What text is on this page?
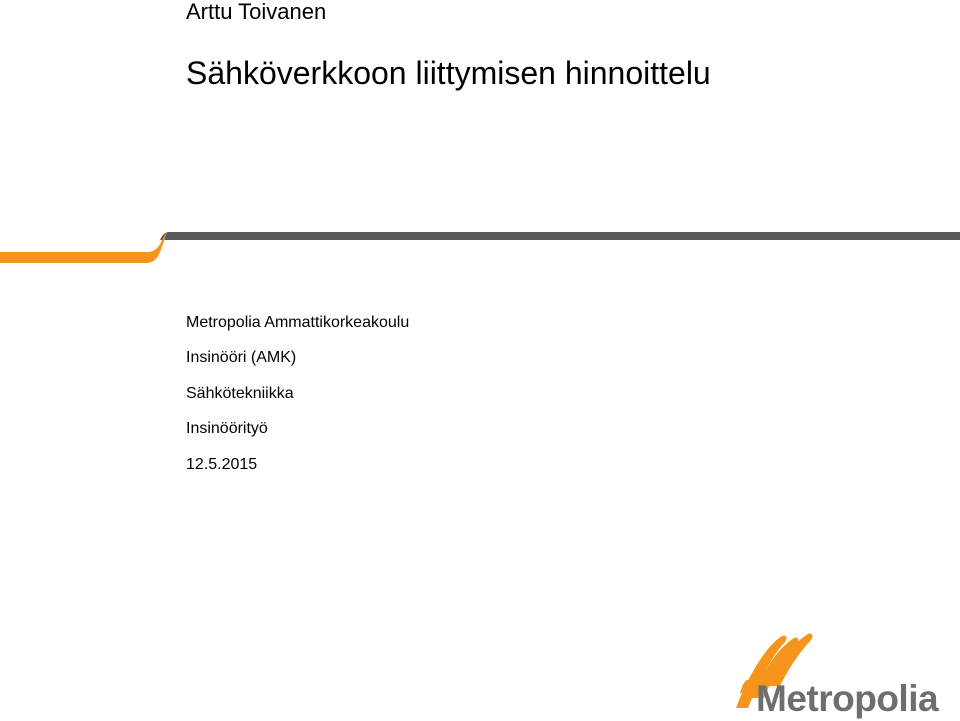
Arttu Toivanen
Sähköverkkoon liittymisen hinnoittelu
Metropolia Ammattikorkeakoulu
Insinööri (AMK)
Sähkötekniikka
Insinöörityö
12.5.2015
Metropolia
